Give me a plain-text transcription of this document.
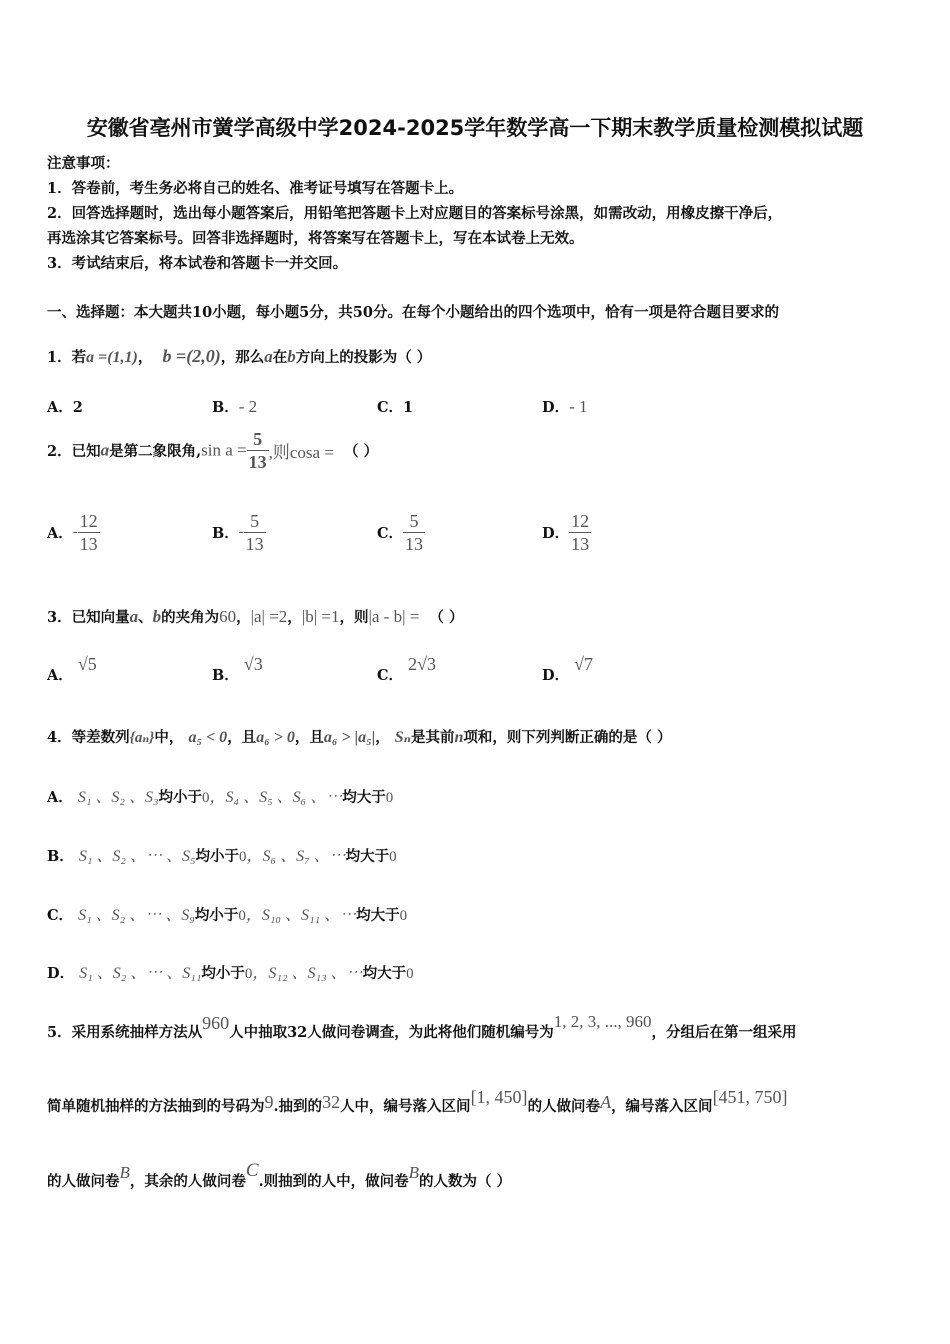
安徽省亳州市黉学高级中学2024-2025学年数学高一下期末教学质量检测模拟试题
注意事项：
1．答卷前，考生务必将自己的姓名、准考证号填写在答题卡上。
2．回答选择题时，选出每小题答案后，用铅笔把答题卡上对应题目的答案标号涂黑，如需改动，用橡皮擦干净后，
再选涂其它答案标号。回答非选择题时，将答案写在答题卡上，写在本试卷上无效。
3．考试结束后，将本试卷和答题卡一并交回。
一、选择题：本大题共10小题，每小题5分，共50分。在每个小题给出的四个选项中，恰有一项是符合题目要求的
1．若a =(1,1)， b =(2,0)，那么a在b方向上的投影为（ ）
A．2	B．- 2	C．1	D．- 1
2．已知a是第二象限角,sin $a = \frac{5}{13}$ ,则cosa = （ ）
A．- $\frac{12}{13}$	B．- $\frac{5}{13}$	C． $\frac{5}{13}$	D． $\frac{12}{13}$
3．已知向量a、b的夹角为60，|a| =2，|b| =1，则|a - b| = （ ）
A． √5
B． √3
C． 2√3
D． √7
4．等差数列{aₙ}中， a₅ < 0，且a₆ > 0，且a₆ > |a₅|， Sₙ是其前n项和，则下列判断正确的是（ ）
A． S₁ 、S₂ 、S₃均小于0，S₄ 、S₅ 、S₆ 、⋯均大于0
B． S₁ 、S₂ 、⋯ 、S₅均小于0，S₆ 、S₇ 、⋯均大于0
C． S₁ 、S₂ 、⋯ 、S₉均小于0，S₁₀ 、S₁₁ 、⋯均大于0
D． S₁ 、S₂ 、⋯ 、S₁₁均小于0，S₁₂ 、S₁₃ 、⋯均大于0
5．采用系统抽样方法从960人中抽取32人做问卷调查，为此将他们随机编号为1, 2, 3, ..., 960，分组后在第一组采用
简单随机抽样的方法抽到的号码为9.抽到的32人中，编号落入区间[1, 450]的人做问卷A，编号落入区间[451, 750]
的人做问卷B，其余的人做问卷C.则抽到的人中，做问卷B的人数为（ ）
